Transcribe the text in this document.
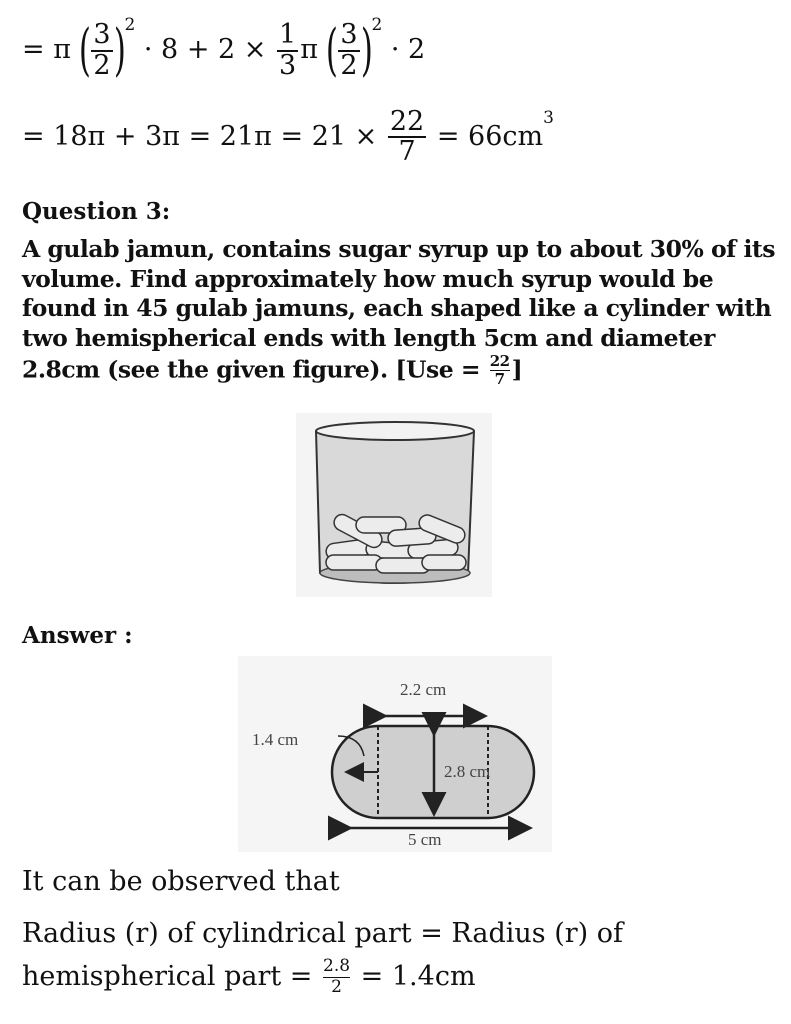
= π ( $\frac{3}{2} )^2 \cdot 8 + 2 \times \frac{1}{3}$ π ( $\frac{3}{2} )^2 \cdot 2$
= $18\pi + 3\pi = 21\pi = 21 \times \frac{22}{7} = 66cm^3$
Question 3:
A gulab jamun, contains sugar syrup up to about 30% of its volume. Find approximately how much syrup would be found in 45 gulab jamuns, each shaped like a cylinder with two hemispherical ends with length 5cm and diameter 2.8cm (see the given figure). [$Use = \frac{22}{7}$ ]
Answer :
2.2 cm
1.4 cm
2.8 cm
5 cm
It can be observed that
Radius (r) of cylindrical part = Radius (r) of
hemispherical part = $\frac{2.8}{2} = 1.4cm$
